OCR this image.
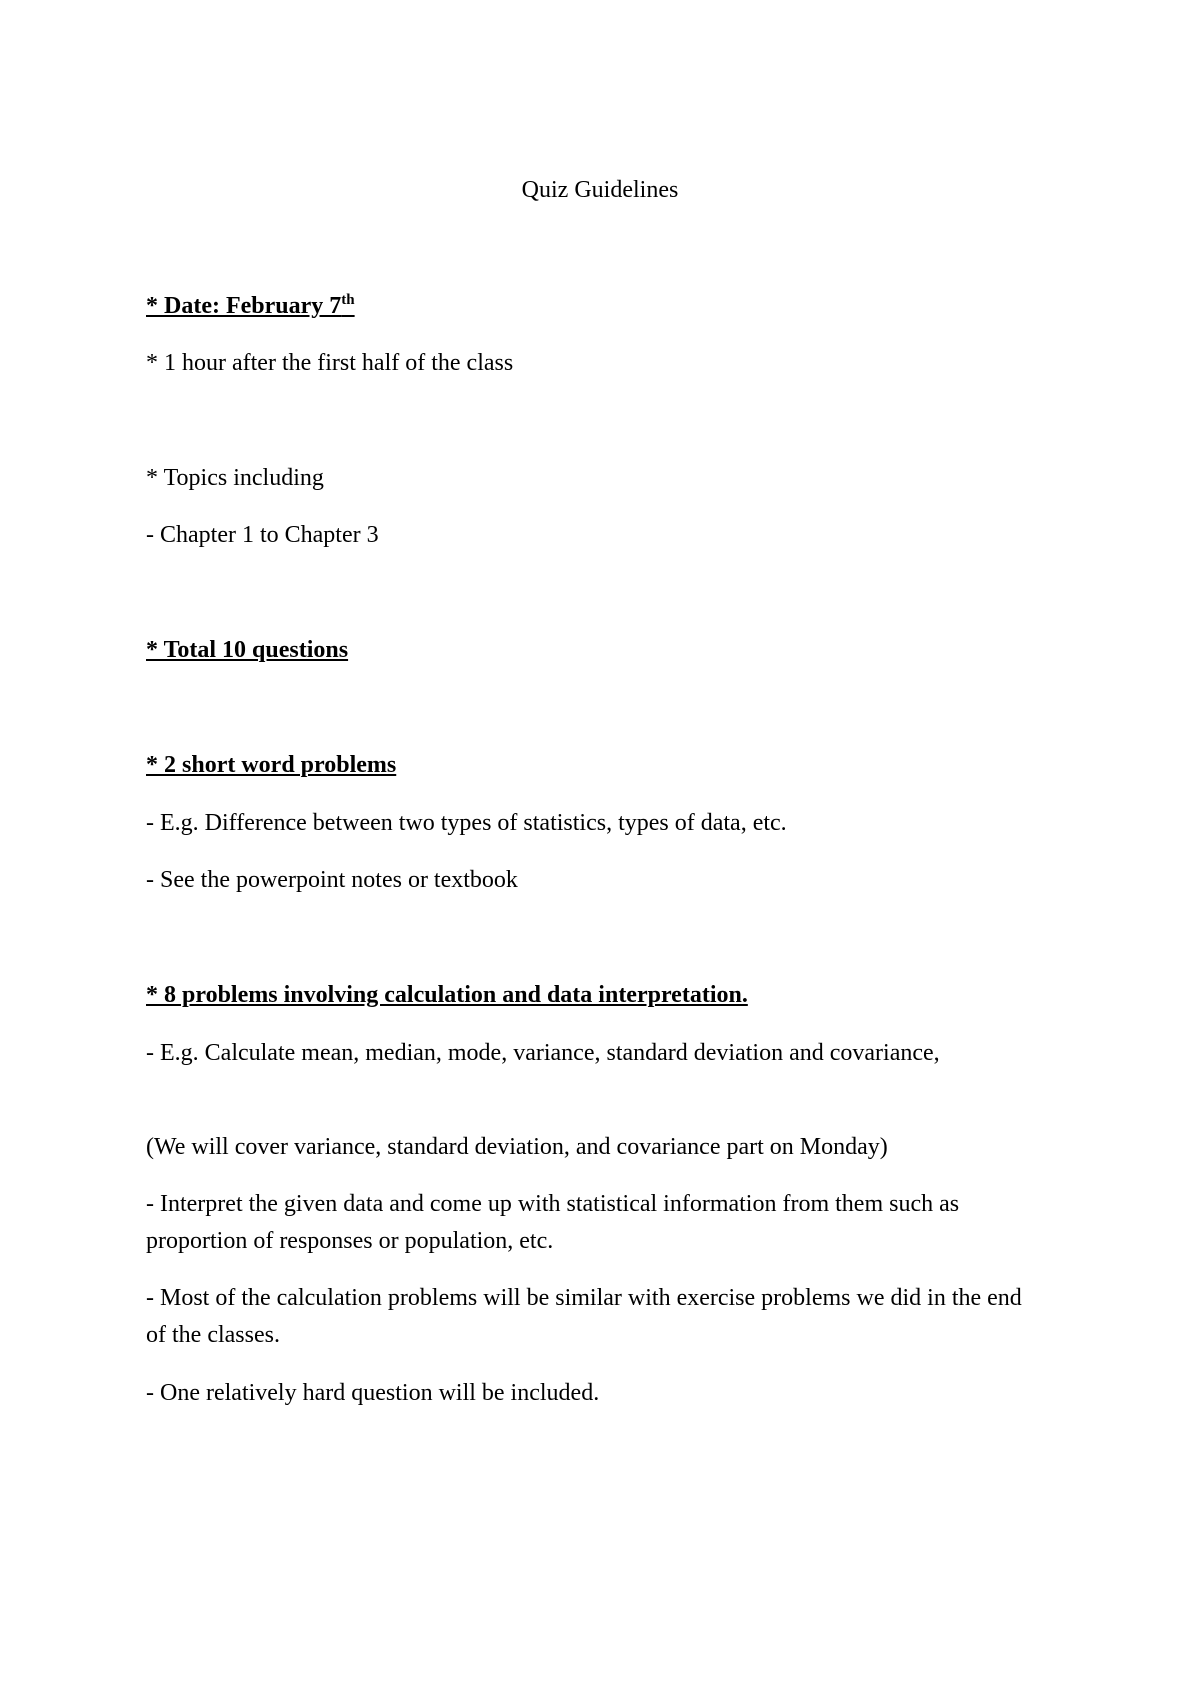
Quiz Guidelines

* Date: February 7th

* 1 hour after the first half of the class

* Topics including

- Chapter 1 to Chapter 3

* Total 10 questions

* 2 short word problems

- E.g. Difference between two types of statistics, types of data, etc.

- See the powerpoint notes or textbook

* 8 problems involving calculation and data interpretation.

- E.g. Calculate mean, median, mode, variance, standard deviation and covariance,

(We will cover variance, standard deviation, and covariance part on Monday)

- Interpret the given data and come up with statistical information from them such as proportion of responses or population, etc.

- Most of the calculation problems will be similar with exercise problems we did in the end of the classes.

- One relatively hard question will be included.
